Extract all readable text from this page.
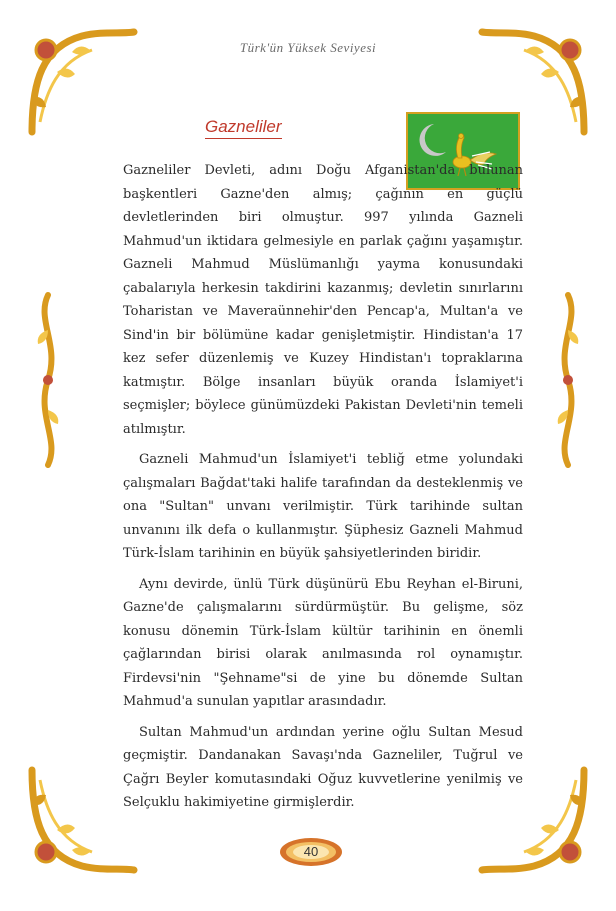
Türk'ün Yüksek Seviyesi
Gazneliler

Gazneliler Devleti, adını Doğu Afganistan'da bulunan başkentleri Gazne'den almış; çağının en güçlü devletlerinden biri olmuştur. 997 yılında Gazneli Mahmud'un iktidara gelmesiyle en parlak çağını yaşamıştır. Gazneli Mahmud Müslümanlığı yayma konusundaki çabalarıyla herkesin takdirini kazanmış; devletin sınırlarını Toharistan ve Maveraünnehir'den Pencap'a, Multan'a ve Sind'in bir bölümüne kadar genişletmiştir. Hindistan'a 17 kez sefer düzenlemiş ve Kuzey Hindistan'ı topraklarına katmıştır. Bölge insanları büyük oranda İslamiyet'i seçmişler; böylece günümüzdeki Pakistan Devleti'nin temeli atılmıştır.

Gazneli Mahmud'un İslamiyet'i tebliğ etme yolundaki çalışmaları Bağdat'taki halife tarafından da desteklenmiş ve ona "Sultan" unvanı verilmiştir. Türk tarihinde sultan unvanını ilk defa o kullanmıştır. Şüphesiz Gazneli Mahmud Türk-İslam tarihinin en büyük şahsiyetlerinden biridir.

Aynı devirde, ünlü Türk düşünürü Ebu Reyhan el-Biruni, Gazne'de çalışmalarını sürdürmüştür. Bu gelişme, söz konusu dönemin Türk-İslam kültür tarihinin en önemli çağlarından birisi olarak anılmasında rol oynamıştır. Firdevsi'nin "Şehname"si de yine bu dönemde Sultan Mahmud'a sunulan yapıtlar arasındadır.

Sultan Mahmud'un ardından yerine oğlu Sultan Mesud geçmiştir. Dandanakan Savaşı'nda Gazneliler, Tuğrul ve Çağrı Beyler komutasındaki Oğuz kuvvetlerine yenilmiş ve Selçuklu hakimiyetine girmişlerdir.

40
